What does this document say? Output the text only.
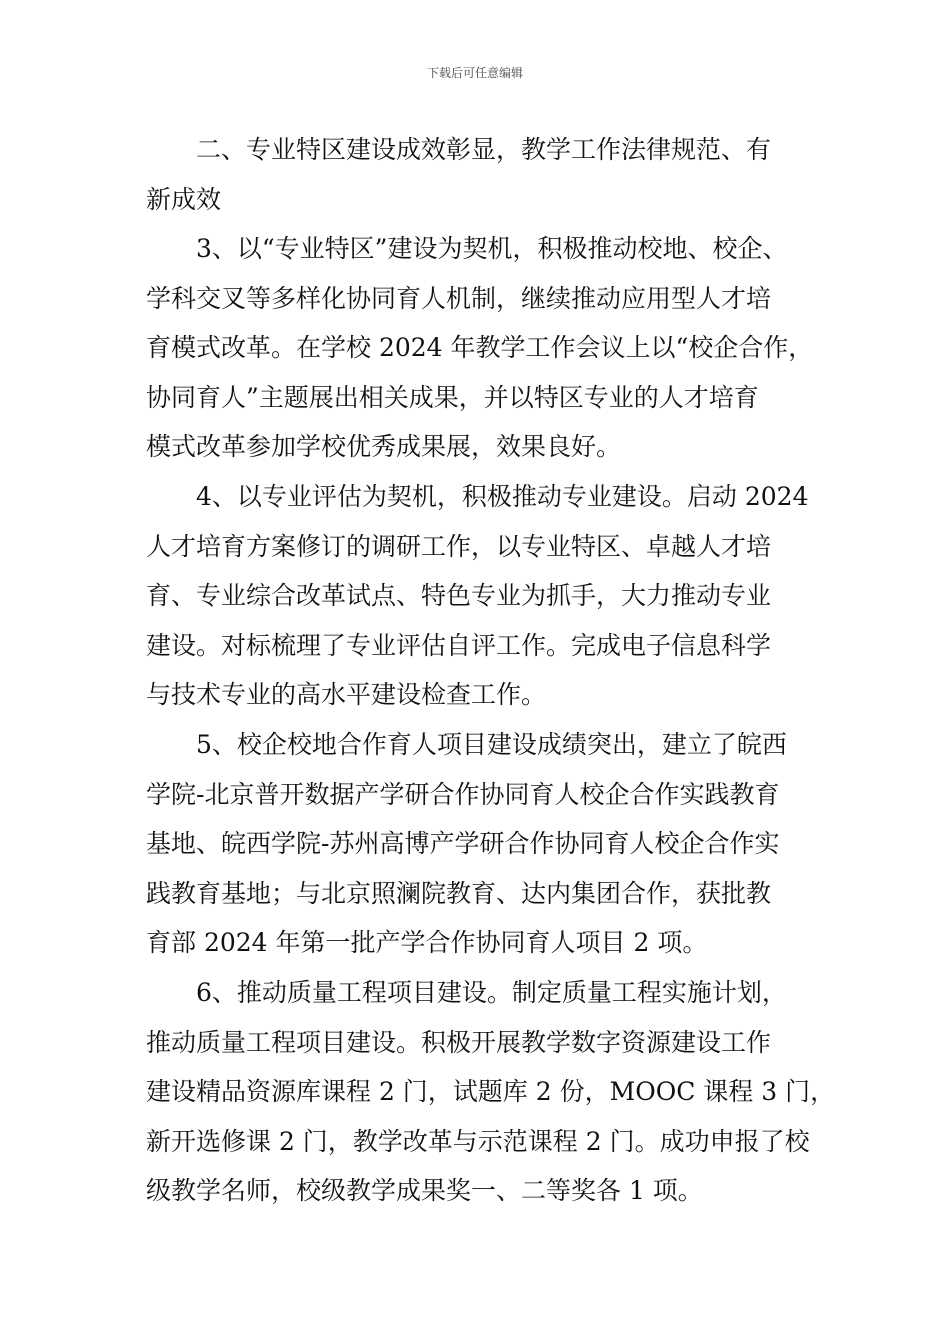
下载后可任意编辑
二、专业特区建设成效彰显，教学工作法律规范、有
新成效
3、以“专业特区”建设为契机，积极推动校地、校企、
学科交叉等多样化协同育人机制，继续推动应用型人才培
育模式改革。在学校 2024 年教学工作会议上以“校企合作，
协同育人”主题展出相关成果，并以特区专业的人才培育
模式改革参加学校优秀成果展，效果良好。
4、以专业评估为契机，积极推动专业建设。启动 2024
人才培育方案修订的调研工作，以专业特区、卓越人才培
育、专业综合改革试点、特色专业为抓手，大力推动专业
建设。对标梳理了专业评估自评工作。完成电子信息科学
与技术专业的高水平建设检查工作。
5、校企校地合作育人项目建设成绩突出，建立了皖西
学院-北京普开数据产学研合作协同育人校企合作实践教育
基地、皖西学院-苏州高博产学研合作协同育人校企合作实
践教育基地；与北京照澜院教育、达内集团合作，获批教
育部 2024 年第一批产学合作协同育人项目 2 项。
6、推动质量工程项目建设。制定质量工程实施计划，
推动质量工程项目建设。积极开展教学数字资源建设工作
建设精品资源库课程 2 门，试题库 2 份，MOOC 课程 3 门，
新开选修课 2 门，教学改革与示范课程 2 门。成功申报了校
级教学名师，校级教学成果奖一、二等奖各 1 项。
